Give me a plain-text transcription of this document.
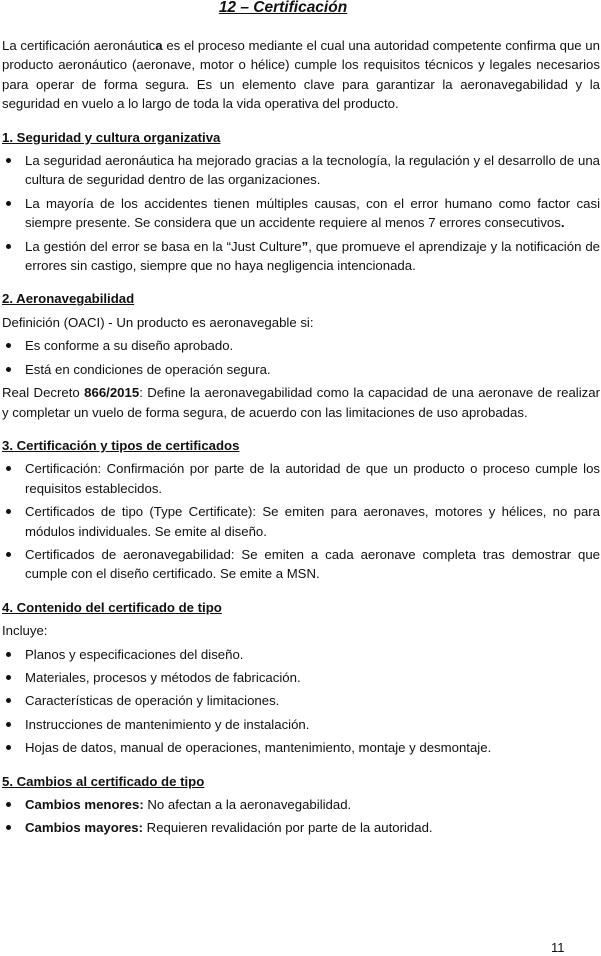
12 – Certificación

La certificación aeronáutica es el proceso mediante el cual una autoridad competente confirma que un producto aeronáutico (aeronave, motor o hélice) cumple los requisitos técnicos y legales necesarios para operar de forma segura. Es un elemento clave para garantizar la aeronavegabilidad y la seguridad en vuelo a lo largo de toda la vida operativa del producto.

1. Seguridad y cultura organizativa

La seguridad aeronáutica ha mejorado gracias a la tecnología, la regulación y el desarrollo de una cultura de seguridad dentro de las organizaciones.
La mayoría de los accidentes tienen múltiples causas, con el error humano como factor casi siempre presente. Se considera que un accidente requiere al menos 7 errores consecutivos.
La gestión del error se basa en la “Just Culture”, que promueve el aprendizaje y la notificación de errores sin castigo, siempre que no haya negligencia intencionada.

2. Aeronavegabilidad

Definición (OACI) - Un producto es aeronavegable si:

Es conforme a su diseño aprobado.
Está en condiciones de operación segura.

Real Decreto 866/2015: Define la aeronavegabilidad como la capacidad de una aeronave de realizar y completar un vuelo de forma segura, de acuerdo con las limitaciones de uso aprobadas.

3. Certificación y tipos de certificados

Certificación: Confirmación por parte de la autoridad de que un producto o proceso cumple los requisitos establecidos.
Certificados de tipo (Type Certificate): Se emiten para aeronaves, motores y hélices, no para módulos individuales. Se emite al diseño.
Certificados de aeronavegabilidad: Se emiten a cada aeronave completa tras demostrar que cumple con el diseño certificado. Se emite a MSN.

4. Contenido del certificado de tipo

Incluye:

Planos y especificaciones del diseño.
Materiales, procesos y métodos de fabricación.
Características de operación y limitaciones.
Instrucciones de mantenimiento y de instalación.
Hojas de datos, manual de operaciones, mantenimiento, montaje y desmontaje.

5. Cambios al certificado de tipo

Cambios menores: No afectan a la aeronavegabilidad.
Cambios mayores: Requieren revalidación por parte de la autoridad.
11
